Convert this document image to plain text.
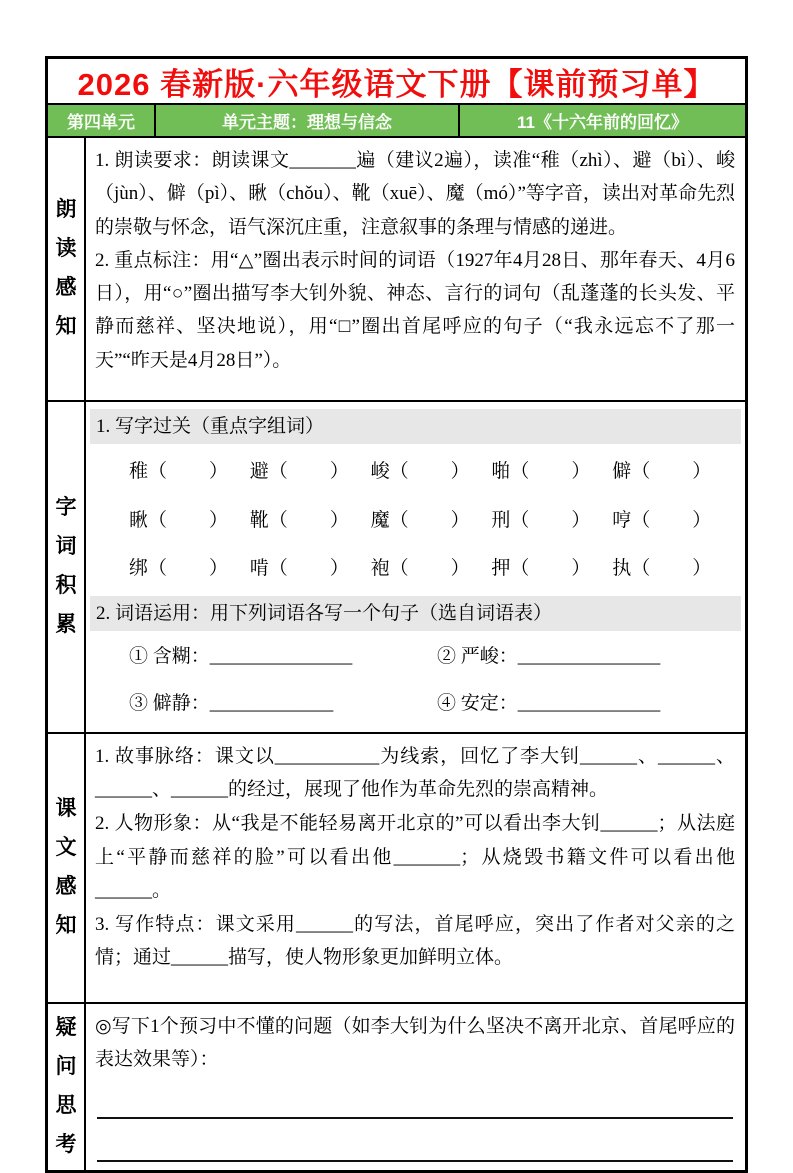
2026 春新版·六年级语文下册【课前预习单】
第四单元	单元主题：理想与信念	11《十六年前的回忆》
朗读感知

1. 朗读要求：朗读课文_______遍（建议2遍），读准“稚（zhì）、避（bì）、峻（jùn）、僻（pì）、瞅（chǒu）、靴（xuē）、魔（mó）”等字音，读出对革命先烈的崇敬与怀念，语气深沉庄重，注意叙事的条理与情感的递进。

2. 重点标注：用“△”圈出表示时间的词语（1927年4月28日、那年春天、4月6日），用“○”圈出描写李大钊外貌、神态、言行的词句（乱蓬蓬的长头发、平静而慈祥、坚决地说），用“□”圈出首尾呼应的句子（“我永远忘不了那一天”“昨天是4月28日”）。

字词积累
1. 写字过关（重点字组词）
稚（ ）	避（ ）	峻（ ）	啪（ ）	僻（ ）
瞅（ ）	靴（ ）	魔（ ）	刑（ ）	哼（ ）
绑（ ）	啃（ ）	袍（ ）	押（ ）	执（ ）
2. 词语运用：用下列词语各写一个句子（选自词语表）
① 含糊：_______________	② 严峻：_______________
③ 僻静：_____________	④ 安定：_______________
课文感知

1. 故事脉络：课文以___________为线索，回忆了李大钊______、______、______、______的经过，展现了他作为革命先烈的崇高精神。

2. 人物形象：从“我是不能轻易离开北京的”可以看出李大钊______；从法庭上“平静而慈祥的脸”可以看出他_______；从烧毁书籍文件可以看出他______。

3. 写作特点：课文采用______的写法，首尾呼应，突出了作者对父亲的之情；通过______描写，使人物形象更加鲜明立体。

疑问思考

◎写下1个预习中不懂的问题（如李大钊为什么坚决不离开北京、首尾呼应的表达效果等）：
